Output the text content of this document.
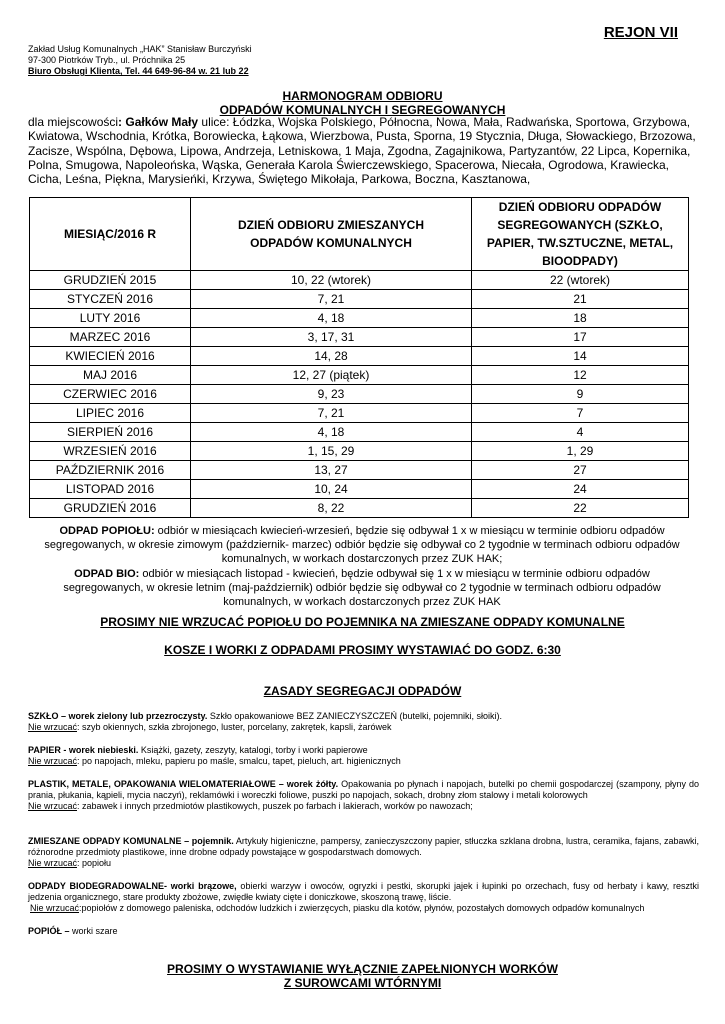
REJON VII
Zakład Usług Komunalnych „HAK” Stanisław Burczyński
97-300 Piotrków Tryb., ul. Próchnika 25
Biuro Obsługi Klienta, Tel. 44 649-96-84 w. 21 lub 22
HARMONOGRAM ODBIORU
ODPADÓW KOMUNALNYCH I SEGREGOWANYCH
dla miejscowości: Gałków Mały ulice: Łódzka, Wojska Polskiego, Północna, Nowa, Mała, Radwańska, Sportowa, Grzybowa, Kwiatowa, Wschodnia, Krótka, Borowiecka, Łąkowa, Wierzbowa, Pusta, Sporna, 19 Stycznia, Długa, Słowackiego, Brzozowa, Zacisze, Wspólna, Dębowa, Lipowa, Andrzeja, Letniskowa, 1 Maja, Zgodna, Zagajnikowa, Partyzantów, 22 Lipca, Kopernika, Polna, Smugowa, Napoleońska, Wąska, Generała Karola Świerczewskiego, Spacerowa, Niecała, Ogrodowa, Krawiecka, Cicha, Leśna, Piękna, Marysieńki, Krzywa, Świętego Mikołaja, Parkowa, Boczna, Kasztanowa,
MIESIĄC/2016 R	DZIEŃ ODBIORU ZMIESZANYCH ODPADÓW KOMUNALNYCH	DZIEŃ ODBIORU ODPADÓW SEGREGOWANYCH (SZKŁO, PAPIER, TW.SZTUCZNE, METAL, BIOODPADY)
GRUDZIEŃ 2015	10, 22 (wtorek)	22 (wtorek)
STYCZEŃ 2016	7, 21	21
LUTY 2016	4, 18	18
MARZEC 2016	3, 17, 31	17
KWIECIEŃ 2016	14, 28	14
MAJ 2016	12, 27 (piątek)	12
CZERWIEC 2016	9, 23	9
LIPIEC 2016	7, 21	7
SIERPIEŃ 2016	4, 18	4
WRZESIEŃ 2016	1, 15, 29	1, 29
PAŹDZIERNIK 2016	13, 27	27
LISTOPAD 2016	10, 24	24
GRUDZIEŃ 2016	8, 22	22
ODPAD POPIOŁU: odbiór w miesiącach kwiecień-wrzesień, będzie się odbywał 1 x w miesiącu w terminie odbioru odpadów segregowanych, w okresie zimowym (październik- marzec) odbiór będzie się odbywał co 2 tygodnie w terminach odbioru odpadów komunalnych, w workach dostarczonych przez ZUK HAK;
ODPAD BIO: odbiór w miesiącach listopad - kwiecień, będzie odbywał się 1 x w miesiącu w terminie odbioru odpadów segregowanych, w okresie letnim (maj-październik) odbiór będzie się odbywał co 2 tygodnie w terminach odbioru odpadów komunalnych, w workach dostarczonych przez ZUK HAK
PROSIMY NIE WRZUCAĆ POPIOŁU DO POJEMNIKA NA ZMIESZANE ODPADY KOMUNALNE
KOSZE I WORKI Z ODPADAMI PROSIMY WYSTAWIAĆ DO GODZ. 6:30
ZASADY SEGREGACJI ODPADÓW
SZKŁO – worek zielony lub przezroczysty. Szkło opakowaniowe BEZ ZANIECZYSZCZEŃ (butelki, pojemniki, słoiki).
Nie wrzucać: szyb okiennych, szkła zbrojonego, luster, porcelany, zakrętek, kapsli, żarówek
PAPIER - worek niebieski. Książki, gazety, zeszyty, katalogi, torby i worki papierowe
Nie wrzucać: po napojach, mleku, papieru po maśle, smalcu, tapet, pieluch, art. higienicznych
PLASTIK, METALE, OPAKOWANIA WIELOMATERIAŁOWE – worek żółty. Opakowania po płynach i napojach, butelki po chemii gospodarczej (szampony, płyny do prania, płukania, kąpieli, mycia naczyń), reklamówki i woreczki foliowe, puszki po napojach, sokach, drobny złom stalowy i metali kolorowych
Nie wrzucać: zabawek i innych przedmiotów plastikowych, puszek po farbach i lakierach, worków po nawozach;
ZMIESZANE ODPADY KOMUNALNE – pojemnik. Artykuły higieniczne, pampersy, zanieczyszczony papier, stłuczka szklana drobna, lustra, ceramika, fajans, zabawki, różnorodne przedmioty plastikowe, inne drobne odpady powstające w gospodarstwach domowych.
Nie wrzucać: popiołu
ODPADY BIODEGRADOWALNE- worki brązowe, obierki warzyw i owoców, ogryzki i pestki, skorupki jajek i łupinki po orzechach, fusy od herbaty i kawy, resztki jedzenia organicznego, stare produkty zbożowe, zwiędłe kwiaty cięte i doniczkowe, skoszoną trawę, liście.
Nie wrzucać:popiołów z domowego paleniska, odchodów ludzkich i zwierzęcych, piasku dla kotów, płynów, pozostałych domowych odpadów komunalnych
POPIÓŁ – worki szare
PROSIMY O WYSTAWIANIE WYŁĄCZNIE ZAPEŁNIONYCH WORKÓW
Z SUROWCAMI WTÓRNYMI
